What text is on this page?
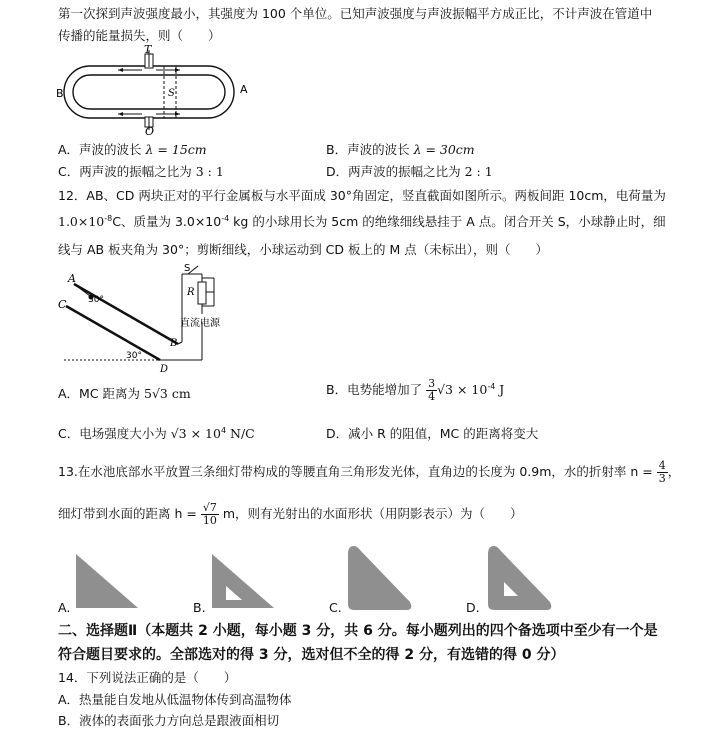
第一次探到声波强度最小，其强度为 100 个单位。已知声波强度与声波振幅平方成正比，不计声波在管道中
传播的能量损失，则（　　）
T
O
B	A
S
A．声波的波长 λ = 15cm	B．声波的波长 λ = 30cm
C．两声波的振幅之比为 3 : 1	D．两声波的振幅之比为 2 : 1
12．AB、CD 两块正对的平行金属板与水平面成 30°角固定，竖直截面如图所示。两板间距 10cm，电荷量为
$1.0\times 10^{-8}C$、质量为 $3.0\times 10^{-4}$ kg 的小球用长为 5cm 的绝缘细线悬挂于 A 点。闭合开关 S，小球静止时，细
线与 AB 板夹角为 30°；剪断细线，小球运动到 CD 板上的 M 点（未标出），则（　　）
A
C
B
D
30°
30°
S
R
直流电源
A．MC 距离为 5√3 cm	B．电势能增加了 $\frac{3}{4} √3 \times 10^{-4}$ J
C．电场强度大小为 $√3 \times 10^4$ N/C	D．减小 R 的阻值，MC 的距离将变大
13.在水池底部水平放置三条细灯带构成的等腰直角三角形发光体，直角边的长度为 0.9m，水的折射率 $n = \frac{4}{3}$ ，
细灯带到水面的距离 $h = \frac{√7}{10}$ m，则有光射出的水面形状（用阴影表示）为（　　）
A.	B.	C.	D.
二、选择题Ⅱ（本题共 2 小题，每小题 3 分，共 6 分。每小题列出的四个备选项中至少有一个是
符合题目要求的。全部选对的得 3 分，选对但不全的得 2 分，有选错的得 0 分）
14．下列说法正确的是（　　）
A．热量能自发地从低温物体传到高温物体
B．液体的表面张力方向总是跟液面相切
